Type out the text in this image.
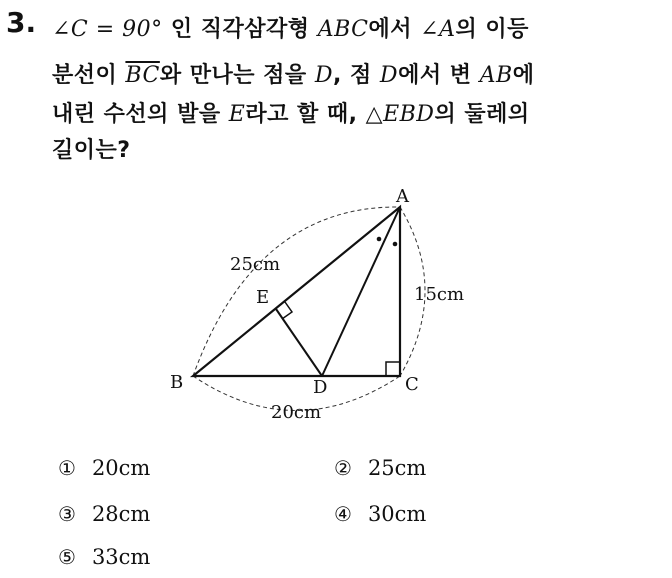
3. ∠C = 90° 인 직각삼각형 ABC에서 ∠A의 이등
분선이 $\overline{BC}$와 만나는 점을 D, 점 D에서 변 AB에
내린 수선의 발을 E라고 할 때, △EBD의 둘레의
길이는?
A
B	C
D
E
25cm
15cm
20cm
① 20cm	② 25cm
③ 28cm	④ 30cm
⑤ 33cm
